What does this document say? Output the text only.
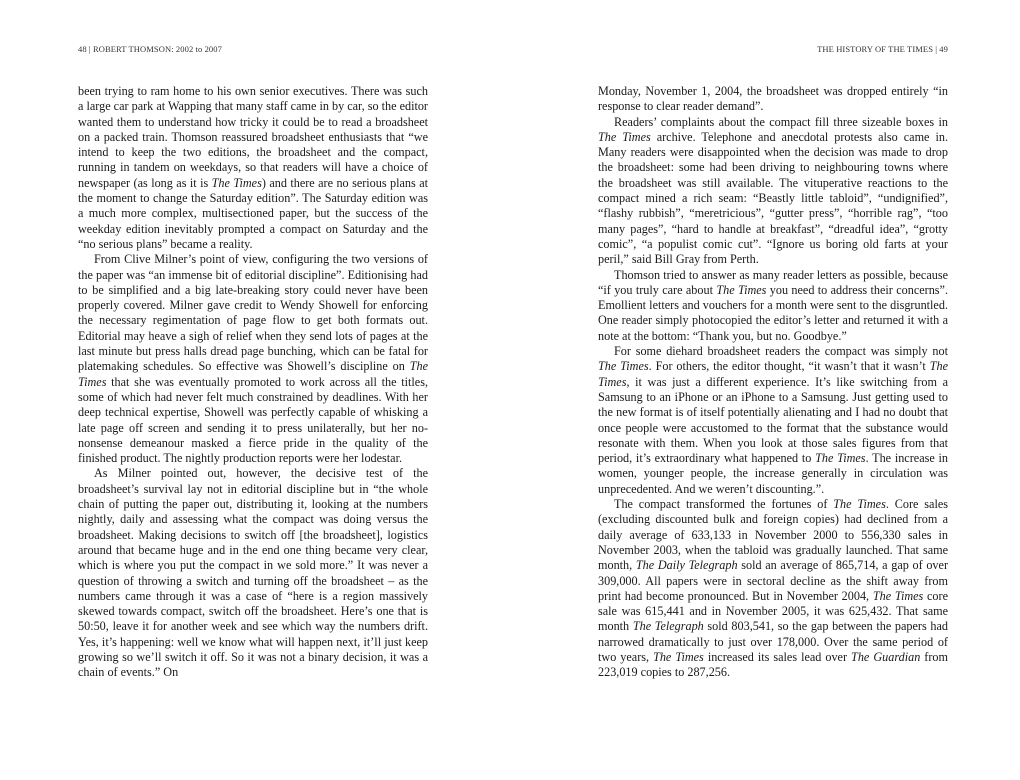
48 | ROBERT THOMSON: 2002 to 2007

been trying to ram home to his own senior executives. There was such a large car park at Wapping that many staff came in by car, so the editor wanted them to understand how tricky it could be to read a broadsheet on a packed train. Thomson reassured broadsheet enthusiasts that “we intend to keep the two editions, the broadsheet and the compact, running in tandem on weekdays, so that readers will have a choice of newspaper (as long as it is The Times) and there are no serious plans at the moment to change the Saturday edition”. The Saturday edition was a much more complex, multisectioned paper, but the success of the weekday edition inevitably prompted a compact on Saturday and the “no serious plans” became a reality.

From Clive Milner’s point of view, configuring the two versions of the paper was “an immense bit of editorial discipline”. Editionising had to be simplified and a big late-breaking story could never have been properly covered. Milner gave credit to Wendy Showell for enforcing the necessary regimentation of page flow to get both formats out. Editorial may heave a sigh of relief when they send lots of pages at the last minute but press halls dread page bunching, which can be fatal for platemaking schedules. So effective was Showell’s discipline on The Times that she was eventually promoted to work across all the titles, some of which had never felt much constrained by deadlines. With her deep technical expertise, Showell was perfectly capable of whisking a late page off screen and sending it to press unilaterally, but her no-nonsense demeanour masked a fierce pride in the quality of the finished product. The nightly production reports were her lodestar.

As Milner pointed out, however, the decisive test of the broadsheet’s survival lay not in editorial discipline but in “the whole chain of putting the paper out, distributing it, looking at the numbers nightly, daily and assessing what the compact was doing versus the broadsheet. Making decisions to switch off [the broadsheet], logistics around that became huge and in the end one thing became very clear, which is where you put the compact in we sold more.” It was never a question of throwing a switch and turning off the broadsheet – as the numbers came through it was a case of “here is a region massively skewed towards compact, switch off the broadsheet. Here’s one that is 50:50, leave it for another week and see which way the numbers drift. Yes, it’s happening: well we know what will happen next, it’ll just keep growing so we’ll switch it off. So it was not a binary decision, it was a chain of events.” On

THE HISTORY OF THE TIMES | 49

Monday, November 1, 2004, the broadsheet was dropped entirely “in response to clear reader demand”.

Readers’ complaints about the compact fill three sizeable boxes in The Times archive. Telephone and anecdotal protests also came in. Many readers were disappointed when the decision was made to drop the broadsheet: some had been driving to neighbouring towns where the broadsheet was still available. The vituperative reactions to the compact mined a rich seam: “Beastly little tabloid”, “undignified”, “flashy rubbish”, “meretricious”, “gutter press”, “horrible rag”, “too many pages”, “hard to handle at breakfast”, “dreadful idea”, “grotty comic”, “a populist comic cut”. “Ignore us boring old farts at your peril,” said Bill Gray from Perth.

Thomson tried to answer as many reader letters as possible, because “if you truly care about The Times you need to address their concerns”. Emollient letters and vouchers for a month were sent to the disgruntled. One reader simply photocopied the editor’s letter and returned it with a note at the bottom: “Thank you, but no. Goodbye.”

For some diehard broadsheet readers the compact was simply not The Times. For others, the editor thought, “it wasn’t that it wasn’t The Times, it was just a different experience. It’s like switching from a Samsung to an iPhone or an iPhone to a Samsung. Just getting used to the new format is of itself potentially alienating and I had no doubt that once people were accustomed to the format that the substance would resonate with them. When you look at those sales figures from that period, it’s extraordinary what happened to The Times. The increase in women, younger people, the increase generally in circulation was unprecedented. And we weren’t discounting.”.

The compact transformed the fortunes of The Times. Core sales (excluding discounted bulk and foreign copies) had declined from a daily average of 633,133 in November 2000 to 556,330 sales in November 2003, when the tabloid was gradually launched. That same month, The Daily Telegraph sold an average of 865,714, a gap of over 309,000. All papers were in sectoral decline as the shift away from print had become pronounced. But in November 2004, The Times core sale was 615,441 and in November 2005, it was 625,432. That same month The Telegraph sold 803,541, so the gap between the papers had narrowed dramatically to just over 178,000. Over the same period of two years, The Times increased its sales lead over The Guardian from 223,019 copies to 287,256.
